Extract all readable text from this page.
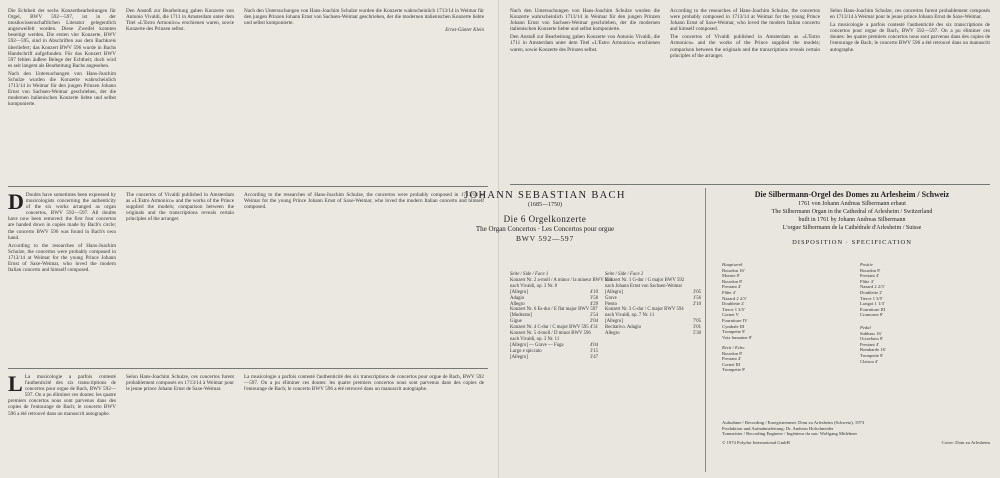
Die Echtheit der sechs Konzertbearbeitungen für Orgel, BWV 592—597, ist in der musikwissenschaftlichen Literatur gelegentlich angezweifelt worden. Diese Zweifel konnten beseitigt werden. Die ersten vier Konzerte, BWV 592—595, sind in Abschriften aus dem Bachkreis überliefert; das Konzert BWV 596 wurde in Bachs Handschrift aufgefunden. Für das Konzert BWV 597 fehlen äußere Belege der Echtheit; doch wird es seit langem als Bearbeitung Bachs angesehen.

Nach den Untersuchungen von Hans-Joachim Schulze wurden die Konzerte wahrscheinlich 1713/14 in Weimar für den jungen Prinzen Johann Ernst von Sachsen-Weimar geschrieben, der die modernen italienischen Konzerte liebte und selbst komponierte.

Den Anstoß zur Bearbeitung gaben Konzerte von Antonio Vivaldi, die 1711 in Amsterdam unter dem Titel »L'Estro Armonico« erschienen waren, sowie Konzerte des Prinzen selbst.

Nach den Untersuchungen von Hans-Joachim Schulze wurden die Konzerte wahrscheinlich 1713/14 in Weimar für den jungen Prinzen Johann Ernst von Sachsen-Weimar geschrieben, der die modernen italienischen Konzerte liebte und selbst komponierte.

Ernst-Günter Klein

D Doubts have sometimes been expressed by musicologists concerning the authenticity of the six works arranged as organ concertos, BWV 592—597. All doubts have now been removed: the first four concertos are handed down in copies made by Bach's circle; the concerto BWV 596 was found in Bach's own hand.

According to the researches of Hans-Joachim Schulze, the concertos were probably composed in 1713/14 at Weimar for the young Prince Johann Ernst of Saxe-Weimar, who loved the modern Italian concerto and himself composed.

The concertos of Vivaldi published in Amsterdam as »L'Estro Armonico« and the works of the Prince supplied the models; comparison between the originals and the transcriptions reveals certain principles of the arranger.

According to the researches of Hans-Joachim Schulze, the concertos were probably composed in 1713/14 at Weimar for the young Prince Johann Ernst of Saxe-Weimar, who loved the modern Italian concerto and himself composed.

L La musicologie a parfois contesté l'authenticité des six transcriptions de concertos pour orgue de Bach, BWV 592—597. On a pu éliminer ces doutes: les quatre premiers concertos nous sont parvenus dans des copies de l'entourage de Bach; le concerto BWV 596 a été retrouvé dans un manuscrit autographe.

Selon Hans-Joachim Schulze, ces concertos furent probablement composés en 1713/14 à Weimar pour le jeune prince Johann Ernst de Saxe-Weimar.

La musicologie a parfois contesté l'authenticité des six transcriptions de concertos pour orgue de Bach, BWV 592—597. On a pu éliminer ces doutes: les quatre premiers concertos nous sont parvenus dans des copies de l'entourage de Bach; le concerto BWV 596 a été retrouvé dans un manuscrit autographe.

Nach den Untersuchungen von Hans-Joachim Schulze wurden die Konzerte wahrscheinlich 1713/14 in Weimar für den jungen Prinzen Johann Ernst von Sachsen-Weimar geschrieben, der die modernen italienischen Konzerte liebte und selbst komponierte.

Den Anstoß zur Bearbeitung gaben Konzerte von Antonio Vivaldi, die 1711 in Amsterdam unter dem Titel »L'Estro Armonico« erschienen waren, sowie Konzerte des Prinzen selbst.

According to the researches of Hans-Joachim Schulze, the concertos were probably composed in 1713/14 at Weimar for the young Prince Johann Ernst of Saxe-Weimar, who loved the modern Italian concerto and himself composed.

The concertos of Vivaldi published in Amsterdam as »L'Estro Armonico« and the works of the Prince supplied the models; comparison between the originals and the transcriptions reveals certain principles of the arranger.

Selon Hans-Joachim Schulze, ces concertos furent probablement composés en 1713/14 à Weimar pour le jeune prince Johann Ernst de Saxe-Weimar.

La musicologie a parfois contesté l'authenticité des six transcriptions de concertos pour orgue de Bach, BWV 592—597. On a pu éliminer ces doutes: les quatre premiers concertos nous sont parvenus dans des copies de l'entourage de Bach; le concerto BWV 596 a été retrouvé dans un manuscrit autographe.

JOHANN SEBASTIAN BACH
(1685—1750)
Die 6 Orgelkonzerte
The Organ Concertos · Les Concertos pour orgue
BWV 592—597
Seite / Side / Face 1
Konzert Nr. 2 a-moll / A minor / la mineur BWV 593
nach Vivaldi, op. 3 Nr. 8
[Allegro]	4'10
Adagio	3'58
Allegro	4'29
Konzert Nr. 6 Es-dur / E flat major BWV 597
[Moderato]	2'54
Gigue	2'04
Konzert Nr. 4 C-dur / C major BWV 595 4'31
Konzert Nr. 5 d-moll / D minor BWV 596
nach Vivaldi, op. 3 Nr. 11
[Allegro] — Grave — Fuga	4'04
Largo e spiccato	3'15
[Allegro]	3'47
Seite / Side / Face 2
Konzert Nr. 1 G-dur / G major BWV 592
nach Johann Ernst von Sachsen-Weimar
[Allegro]	3'05
Grave	1'56
Presto	2'10
Konzert Nr. 3 C-dur / C major BWV 594
nach Vivaldi, op. 7 Nr. 11
[Allegro]	7'05
Recitativo. Adagio	3'01
Allegro	5'30
Die Silbermann-Orgel des Domes zu Arlesheim / Schweiz
1761 von Johann Andreas Silbermann erbaut
The Silbermann Organ in the Cathedral of Arlesheim / Switzerland
built in 1761 by Johann Andreas Silbermann
L'orgue Silbermann de la Cathédrale d'Arlesheim / Suisse
DISPOSITION · SPECIFICATION
Hauptwerk
Bourdon 16'
Montre 8'
Bourdon 8'
Prestant 4'
Flûte 4'
Nazard 2 2/3'
Doublette 2'
Tierce 1 3/5'
Cornet V
Fourniture IV
Cymbale III
Trompette 8'
Voix humaine 8'
Récit / Echo
Bourdon 8'
Prestant 4'
Cornet III
Trompette 8'
Positiv
Bourdon 8'
Prestant 4'
Flûte 4'
Nazard 2 2/3'
Doublette 2'
Tierce 1 3/5'
Larigot 1 1/3'
Fourniture III
Cromorne 8'
Pedal
Subbass 16'
Octavbass 8'
Prestant 4'
Bombarde 16'
Trompette 8'
Clairon 4'
Aufnahme / Recording / Enregistrement: Dom zu Arlesheim (Schweiz), 1973
Produktion und Aufnahmeleitung: Dr. Andreas Holschneider
Tonmeister / Recording Engineer / Ingénieur du son: Wolfgang Mitlehner
© 1974 Polydor International GmbH	Cover: Dom zu Arlesheim
